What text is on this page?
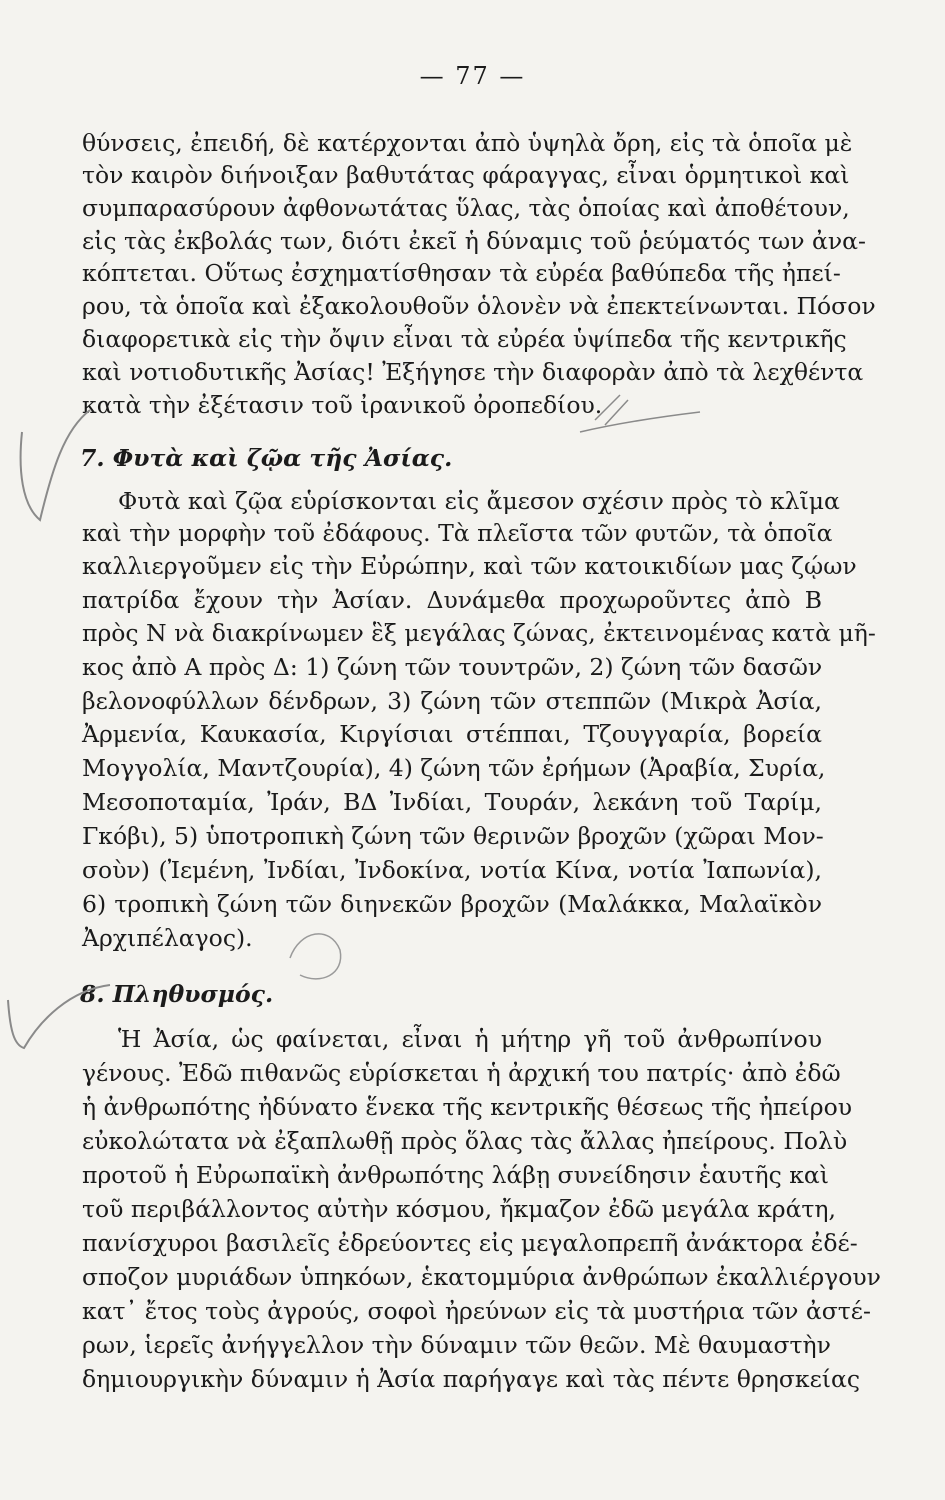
— 77 —
θύνσεις, ἐπειδή, δὲ κατέρχονται ἀπὸ ὑψηλὰ ὄρη, εἰς τὰ ὁποῖα μὲ
τὸν καιρὸν διήνοιξαν βαθυτάτας φάραγγας, εἶναι ὁρμητικοὶ καὶ
συμπαρασύρουν ἀφθονωτάτας ὕλας, τὰς ὁποίας καὶ ἀποθέτουν,
εἰς τὰς ἐκβολάς των, διότι ἐκεῖ ἡ δύναμις τοῦ ῥεύματός των ἀνα-
κόπτεται. Οὕτως ἐσχηματίσθησαν τὰ εὐρέα βαθύπεδα τῆς ἠπεί-
ρου, τὰ ὁποῖα καὶ ἐξακολουθοῦν ὁλονὲν νὰ ἐπεκτείνωνται. Πόσον
διαφορετικὰ εἰς τὴν ὄψιν εἶναι τὰ εὐρέα ὑψίπεδα τῆς κεντρικῆς
καὶ νοτιοδυτικῆς Ἀσίας! Ἐξήγησε τὴν διαφορὰν ἀπὸ τὰ λεχθέντα
κατὰ τὴν ἐξέτασιν τοῦ ἰρανικοῦ ὀροπεδίου.
7. Φυτὰ καὶ ζῷα τῆς Ἀσίας.
Φυτὰ καὶ ζῷα εὑρίσκονται εἰς ἄμεσον σχέσιν πρὸς τὸ κλῖμα
καὶ τὴν μορφὴν τοῦ ἐδάφους. Τὰ πλεῖστα τῶν φυτῶν, τὰ ὁποῖα
καλλιεργοῦμεν εἰς τὴν Εὐρώπην, καὶ τῶν κατοικιδίων μας ζῴων
πατρίδα ἔχουν τὴν Ἀσίαν. Δυνάμεθα προχωροῦντες ἀπὸ Β
πρὸς Ν νὰ διακρίνωμεν ἓξ μεγάλας ζώνας, ἐκτεινομένας κατὰ μῆ-
κος ἀπὸ Α πρὸς Δ: 1) ζώνη τῶν τουντρῶν, 2) ζώνη τῶν δασῶν
βελονοφύλλων δένδρων, 3) ζώνη τῶν στεππῶν (Μικρὰ Ἀσία,
Ἀρμενία, Καυκασία, Κιργίσιαι στέππαι, Τζουγγαρία, βορεία
Μογγολία, Μαντζουρία), 4) ζώνη τῶν ἐρήμων (Ἀραβία, Συρία,
Μεσοποταμία, Ἰράν, ΒΔ Ἰνδίαι, Τουράν, λεκάνη τοῦ Ταρίμ,
Γκόβι), 5) ὑποτροπικὴ ζώνη τῶν θερινῶν βροχῶν (χῶραι Μον-
σοὺν) (Ἰεμένη, Ἰνδίαι, Ἰνδοκίνα, νοτία Κίνα, νοτία Ἰαπωνία),
6) τροπικὴ ζώνη τῶν διηνεκῶν βροχῶν (Μαλάκκα, Μαλαϊκὸν
Ἀρχιπέλαγος).
8. Πληθυσμός.
Ἡ Ἀσία, ὡς φαίνεται, εἶναι ἡ μήτηρ γῆ τοῦ ἀνθρωπίνου
γένους. Ἐδῶ πιθανῶς εὑρίσκεται ἡ ἀρχική του πατρίς· ἀπὸ ἐδῶ
ἡ ἀνθρωπότης ἠδύνατο ἕνεκα τῆς κεντρικῆς θέσεως τῆς ἠπείρου
εὐκολώτατα νὰ ἐξαπλωθῇ πρὸς ὅλας τὰς ἄλλας ἠπείρους. Πολὺ
προτοῦ ἡ Εὐρωπαϊκὴ ἀνθρωπότης λάβῃ συνείδησιν ἑαυτῆς καὶ
τοῦ περιβάλλοντος αὐτὴν κόσμου, ἤκμαζον ἐδῶ μεγάλα κράτη,
πανίσχυροι βασιλεῖς ἐδρεύοντες εἰς μεγαλοπρεπῆ ἀνάκτορα ἐδέ-
σποζον μυριάδων ὑπηκόων, ἑκατομμύρια ἀνθρώπων ἐκαλλιέργουν
κατ᾿ ἔτος τοὺς ἀγρούς, σοφοὶ ἠρεύνων εἰς τὰ μυστήρια τῶν ἀστέ-
ρων, ἱερεῖς ἀνήγγελλον τὴν δύναμιν τῶν θεῶν. Μὲ θαυμαστὴν
δημιουργικὴν δύναμιν ἡ Ἀσία παρήγαγε καὶ τὰς πέντε θρησκείας
